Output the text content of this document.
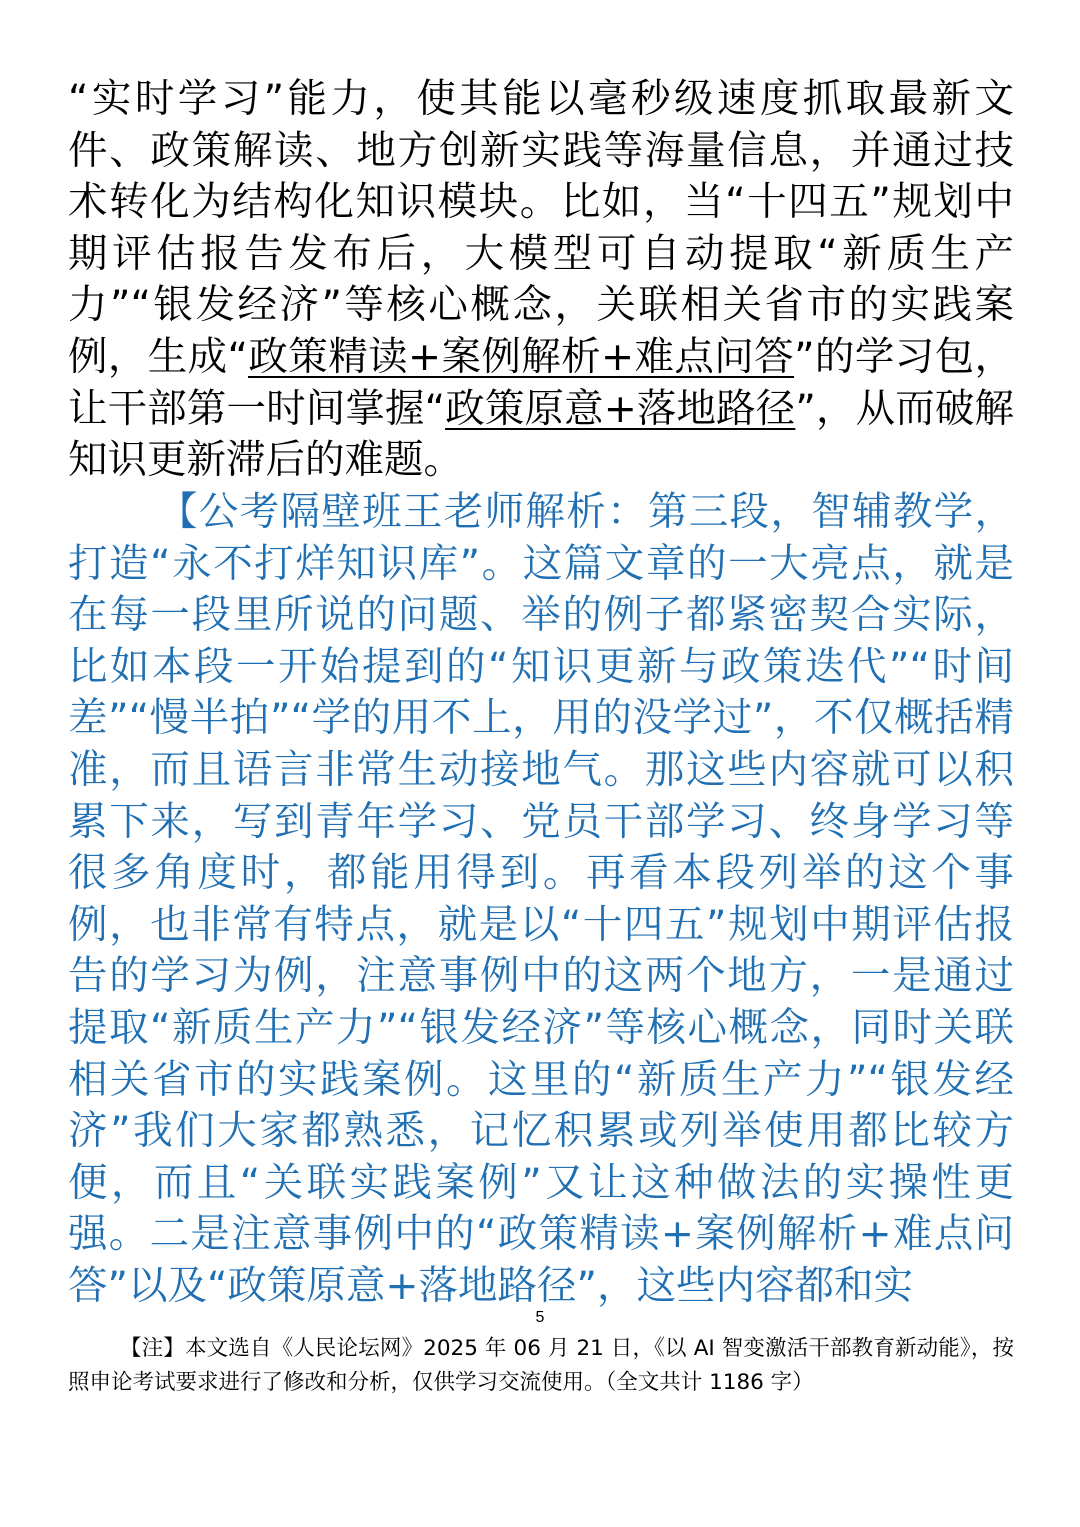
“实时学习”能力，使其能以毫秒级速度抓取最新文件、政策解读、地方创新实践等海量信息，并通过技术转化为结构化知识模块。比如，当“十四五”规划中期评估报告发布后，大模型可自动提取“新质生产力”“银发经济”等核心概念，关联相关省市的实践案例，生成“政策精读+案例解析+难点问答”的学习包，让干部第一时间掌握“政策原意+落地路径”，从而破解知识更新滞后的难题。

【公考隔壁班王老师解析：第三段，智辅教学，打造“永不打烊知识库”。这篇文章的一大亮点，就是在每一段里所说的问题、举的例子都紧密契合实际，比如本段一开始提到的“知识更新与政策迭代”“时间差”“慢半拍”“学的用不上，用的没学过”，不仅概括精准，而且语言非常生动接地气。那这些内容就可以积累下来，写到青年学习、党员干部学习、终身学习等很多角度时，都能用得到。再看本段列举的这个事例，也非常有特点，就是以“十四五”规划中期评估报告的学习为例，注意事例中的这两个地方，一是通过提取“新质生产力”“银发经济”等核心概念，同时关联相关省市的实践案例。这里的“新质生产力”“银发经济”我们大家都熟悉，记忆积累或列举使用都比较方便，而且“关联实践案例”又让这种做法的实操性更强。二是注意事例中的“政策精读+案例解析+难点问答”以及“政策原意+落地路径”，这些内容都和实

5

【注】本文选自《人民论坛网》2025 年 06 月 21 日，《以 AI 智变激活干部教育新动能》，按照申论考试要求进行了修改和分析，仅供学习交流使用。（全文共计 1186 字）
